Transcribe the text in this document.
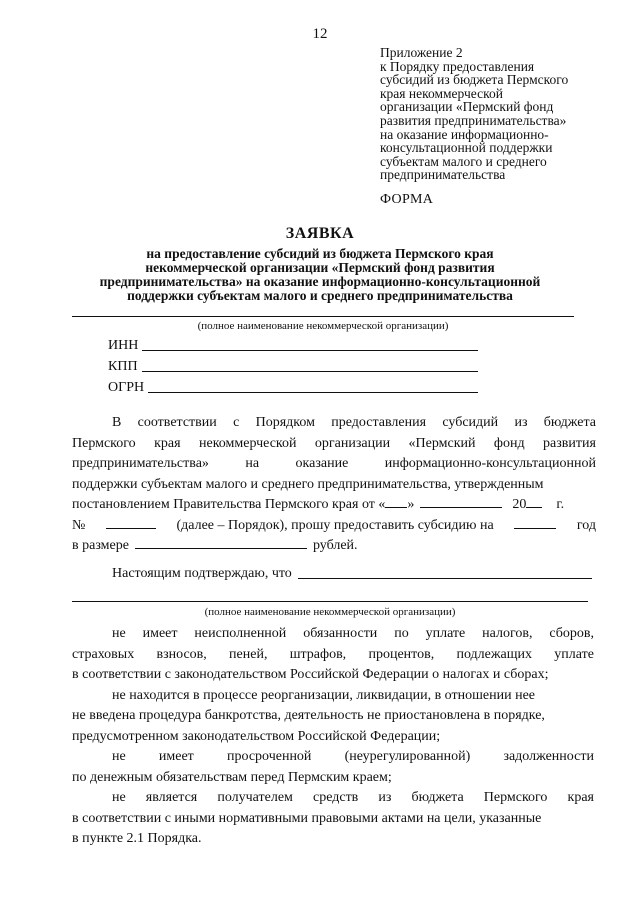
12
Приложение 2
к Порядку предоставления
субсидий из бюджета Пермского
края некоммерческой
организации «Пермский фонд
развития предпринимательства»
на оказание информационно-
консультационной поддержки
субъектам малого и среднего
предпринимательства
ФОРМА
ЗАЯВКА
на предоставление субсидий из бюджета Пермского края
некоммерческой организации «Пермский фонд развития
предпринимательства» на оказание информационно-консультационной
поддержки субъектам малого и среднего предпринимательства
(полное наименование некоммерческой организации)
ИНН
КПП
ОГРН
В соответствии с Порядком предоставления субсидий из бюджета
Пермского края некоммерческой организации «Пермский фонд развития
предпринимательства»	на	оказание	информационно-консультационной
поддержки субъектам малого и среднего предпринимательства, утвержденным
постановлением Правительства Пермского края от « »	20 г.
№	(далее – Порядок), прошу предоставить субсидию на	год
в размере	рублей.
Настоящим подтверждаю, что
(полное наименование некоммерческой организации)
не имеет неисполненной обязанности по уплате налогов, сборов,
страховых взносов, пеней, штрафов, процентов, подлежащих уплате
в соответствии с законодательством Российской Федерации о налогах и сборах;
не находится в процессе реорганизации, ликвидации, в отношении нее
не введена процедура банкротства, деятельность не приостановлена в порядке,
предусмотренном законодательством Российской Федерации;
не имеет просроченной (неурегулированной) задолженности
по денежным обязательствам перед Пермским краем;
не является получателем средств из бюджета Пермского края
в соответствии с иными нормативными правовыми актами на цели, указанные
в пункте 2.1 Порядка.
